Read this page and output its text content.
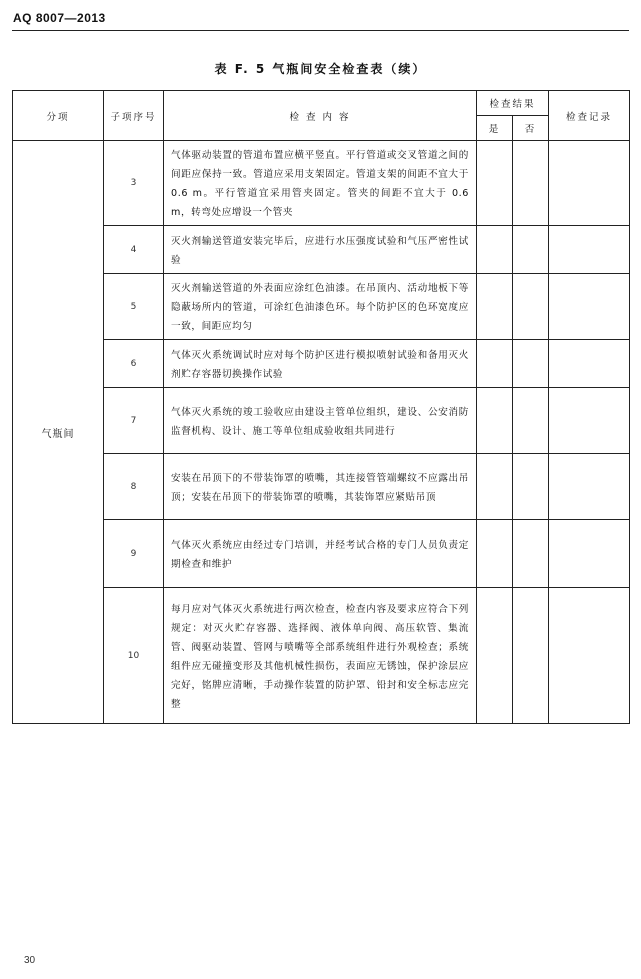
AQ 8007—2013
表 F. 5 气瓶间安全检查表（续）
分项	子项序号	检 查 内 容	检查结果		检查记录
			是	否	
气瓶间	3	气体驱动装置的管道布置应横平竖直。平行管道或交叉管道之间的间距应保持一致。管道应采用支架固定。管道支架的间距不宜大于 0.6 m。平行管道宜采用管夹固定。管夹的间距不宜大于 0.6 m，转弯处应增设一个管夹			
	4	灭火剂输送管道安装完毕后，应进行水压强度试验和气压严密性试验			
	5	灭火剂输送管道的外表面应涂红色油漆。在吊顶内、活动地板下等隐蔽场所内的管道，可涂红色油漆色环。每个防护区的色环宽度应一致，间距应均匀			
	6	气体灭火系统调试时应对每个防护区进行模拟喷射试验和备用灭火剂贮存容器切换操作试验			
	7	气体灭火系统的竣工验收应由建设主管单位组织，建设、公安消防监督机构、设计、施工等单位组成验收组共同进行			
	8	安装在吊顶下的不带装饰罩的喷嘴，其连接管管端螺纹不应露出吊顶；安装在吊顶下的带装饰罩的喷嘴，其装饰罩应紧贴吊顶			
	9	气体灭火系统应由经过专门培训，并经考试合格的专门人员负责定期检查和维护			
	10	每月应对气体灭火系统进行两次检查，检查内容及要求应符合下列规定：对灭火贮存容器、选择阀、液体单向阀、高压软管、集流管、阀驱动装置、管网与喷嘴等全部系统组件进行外观检查；系统组件应无碰撞变形及其他机械性损伤，表面应无锈蚀，保护涂层应完好，铭牌应清晰，手动操作装置的防护罩、铅封和安全标志应完整			
30
